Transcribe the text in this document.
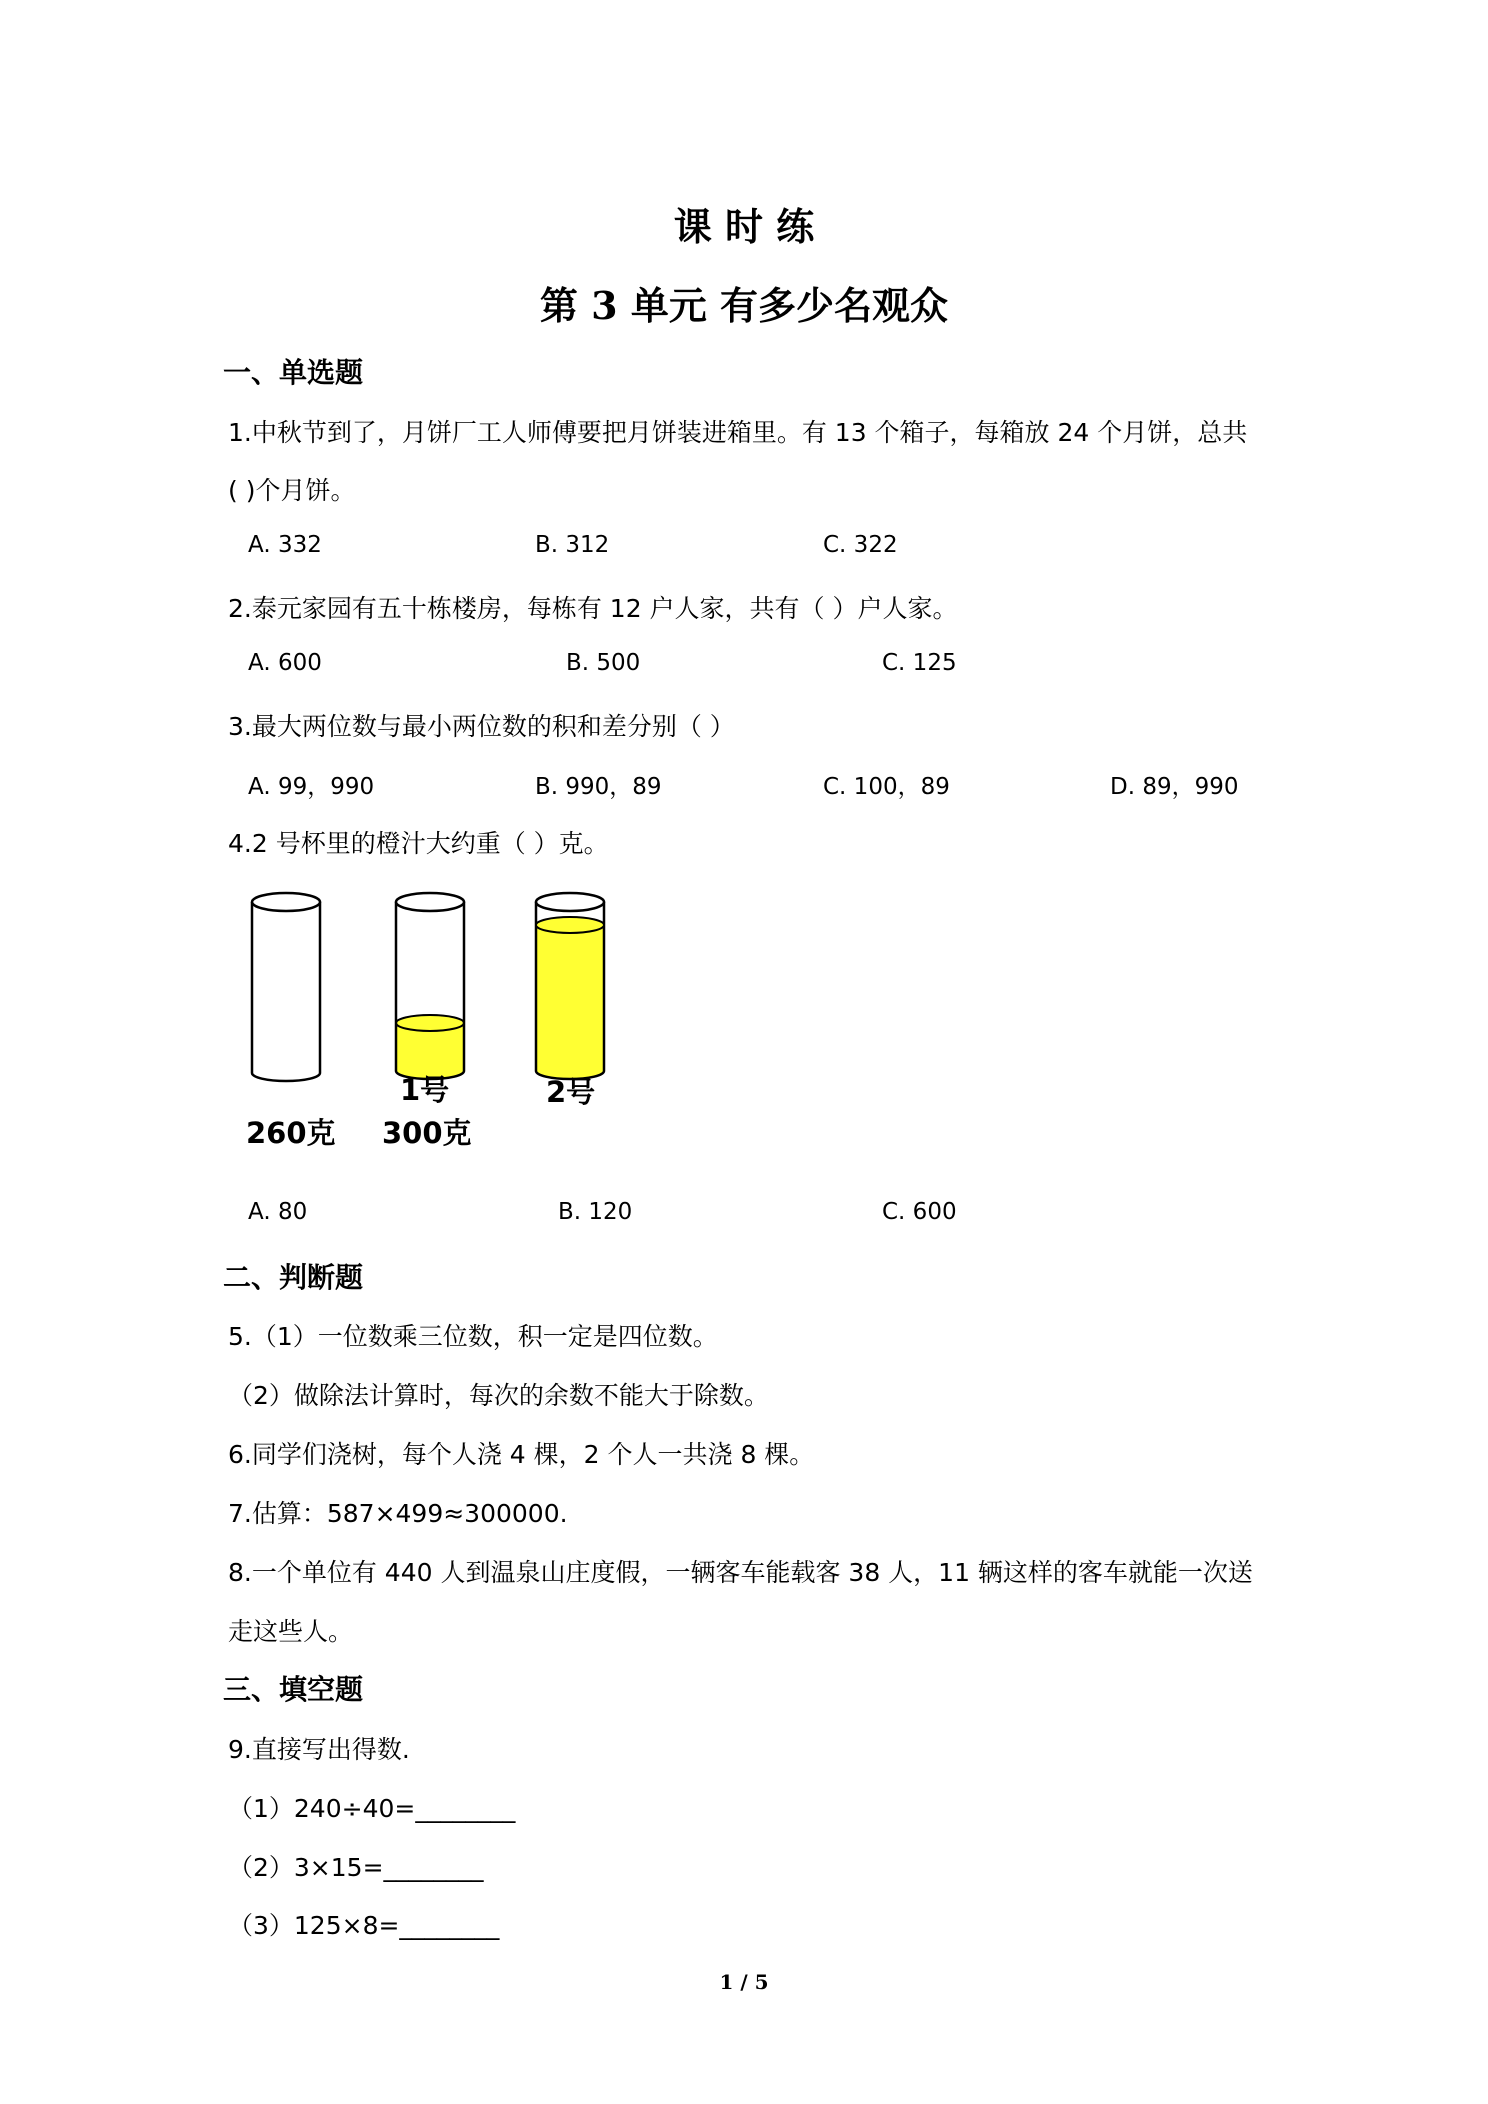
课 时 练
第 3 单元 有多少名观众
一、单选题
1.中秋节到了，月饼厂工人师傅要把月饼装进箱里。有 13 个箱子，每箱放 24 个月饼，总共
( )个月饼。
A. 332	B. 312	C. 322
2.泰元家园有五十栋楼房，每栋有 12 户人家，共有（ ）户人家。
A. 600	B. 500	C. 125
3.最大两位数与最小两位数的积和差分别（ ）
A. 99，990	B. 990，89	C. 100，89	D. 89，990
4.2 号杯里的橙汁大约重（ ）克。
260克
1号
300克
2号
A. 80	B. 120	C. 600
二、判断题
5.（1）一位数乘三位数，积一定是四位数。
（2）做除法计算时，每次的余数不能大于除数。
6.同学们浇树，每个人浇 4 棵，2 个人一共浇 8 棵。
7.估算：587×499≈300000.
8.一个单位有 440 人到温泉山庄度假，一辆客车能载客 38 人，11 辆这样的客车就能一次送
走这些人。
三、填空题
9.直接写出得数.
（1）240÷40=________
（2）3×15=________
（3）125×8=________
1 / 5
